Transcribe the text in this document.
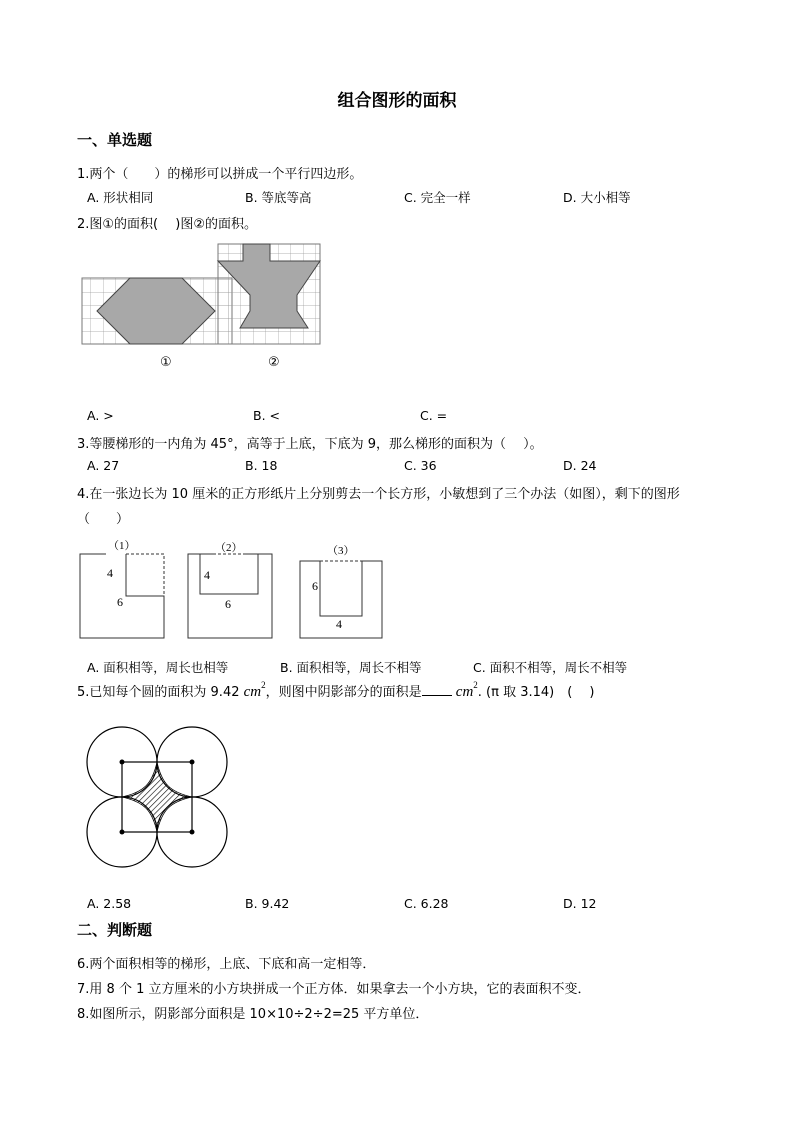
组合图形的面积
一、单选题
1.两个（　　）的梯形可以拼成一个平行四边形。
A. 形状相同	B. 等底等高	C. 完全一样	D. 大小相等
2.图①的面积(　 )图②的面积。
①	②
A. >	B. <	C. =
3.等腰梯形的一内角为 45°，高等于上底，下底为 9，那么梯形的面积为（　 ）。
A. 27	B. 18	C. 36	D. 24
4.在一张边长为 10 厘米的正方形纸片上分别剪去一个长方形，小敏想到了三个办法（如图），剩下的图形
（　　）
（1）	（2）	（3）
4
6
4
6
6
4
A. 面积相等，周长也相等	B. 面积相等，周长不相等	C. 面积不相等，周长不相等
5.已知每个圆的面积为 9.42 $cm^2$，则图中阴影部分的面积是 $cm^2$. (π 取 3.14)　(　 )
A. 2.58	B. 9.42	C. 6.28	D. 12
二、判断题
6.两个面积相等的梯形，上底、下底和高一定相等．
7.用 8 个 1 立方厘米的小方块拼成一个正方体．如果拿去一个小方块，它的表面积不变．
8.如图所示，阴影部分面积是 10×10÷2÷2=25 平方单位．
